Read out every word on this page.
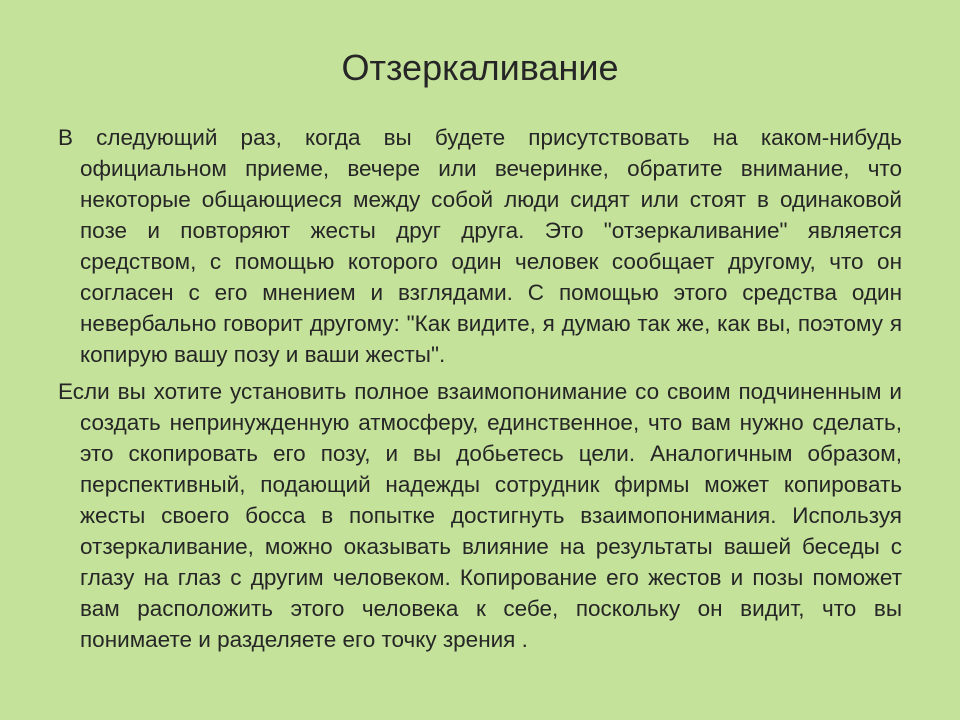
Отзеркаливание

В следующий раз, когда вы будете присутствовать на каком-нибудь официальном приеме, вечере или вечеринке, обратите внимание, что некоторые общающиеся между собой люди сидят или стоят в одинаковой позе и повторяют жесты друг друга. Это "отзеркаливание" является средством, с помощью которого один человек сообщает другому, что он согласен с его мнением и взглядами. С помощью этого средства один невербально говорит другому: "Как видите, я думаю так же, как вы, поэтому я копирую вашу позу и ваши жесты".

Если вы хотите установить полное взаимопонимание со своим подчиненным и создать непринужденную атмосферу, единственное, что вам нужно сделать, это скопировать его позу, и вы добьетесь цели. Аналогичным образом, перспективный, подающий надежды сотрудник фирмы может копировать жесты своего босса в попытке достигнуть взаимопонимания. Используя отзеркаливание, можно оказывать влияние на результаты вашей беседы с глазу на глаз с другим человеком. Копирование его жестов и позы поможет вам расположить этого человека к себе, поскольку он видит, что вы понимаете и разделяете его точку зрения .
